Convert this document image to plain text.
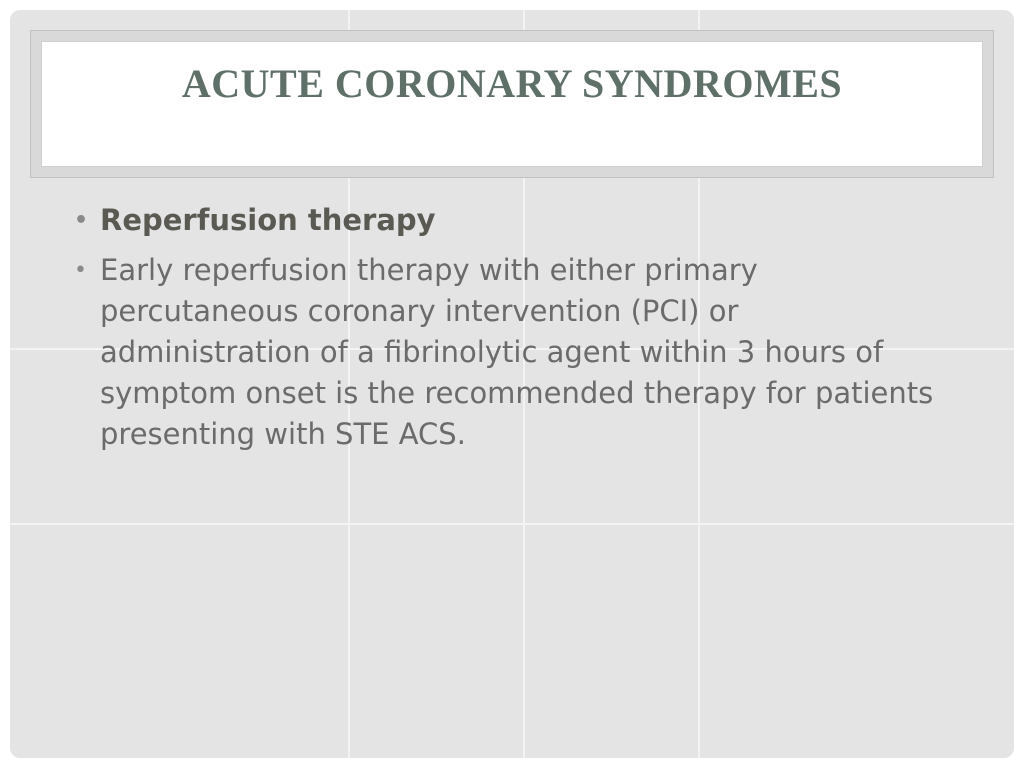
ACUTE CORONARY SYNDROMES
• Reperfusion therapy
• Early reperfusion therapy with either primary percutaneous coronary intervention (PCI) or administration of a fibrinolytic agent within 3 hours of symptom onset is the recommended therapy for patients presenting with STE ACS.
